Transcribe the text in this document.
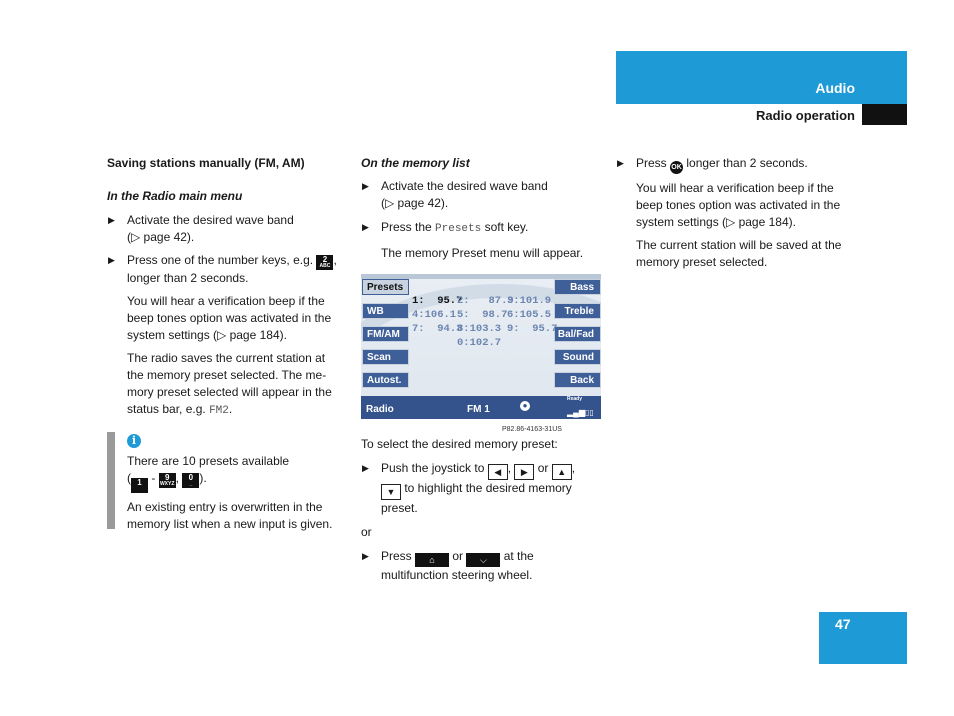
Audio
Radio operation

Saving stations manually (FM, AM)

In the Radio main menu

▶ Activate the desired wave band
(▷ page 42).
▶ Press one of the number keys, e.g. 2
ABC ,
longer than 2 seconds.
You will hear a verification beep if the
beep tones option was activated in the
system settings (▷ page 184).
The radio saves the current station at
the memory preset selected. The me-
mory preset selected will appear in the
status bar, e.g. FM2.
i
There are 10 presets available
( 1
- 9
WXYZ , 0
_ ).
An existing entry is overwritten in the
memory list when a new input is given.

On the memory list

▶ Activate the desired wave band
(▷ page 42).
▶ Press the Presets soft key.
The memory Preset menu will appear.
Presets
WB
FM/AM
Scan
Autost.
Bass
Treble
Bal/Fad
Sound
Back
1:  95.7
2:   87.9
3:101.9
4:106.1 5:  98.7 6:105.5
7:  94.3
8:103.3 9:  95.7
0:102.7
Radio	FM 1	●
Ready
▂▄▆▯▯
P82.86-4163-31US

To select the desired memory preset:

▶ Push the joystick to ◀ , ▶ or ▲ ,
▼ to highlight the desired memory
preset.

or

▶ Press ⌂ or ⌵ at the
multifunction steering wheel.
▶ Press OK longer than 2 seconds.
You will hear a verification beep if the
beep tones option was activated in the
system settings (▷ page 184).
The current station will be saved at the
memory preset selected.
47
